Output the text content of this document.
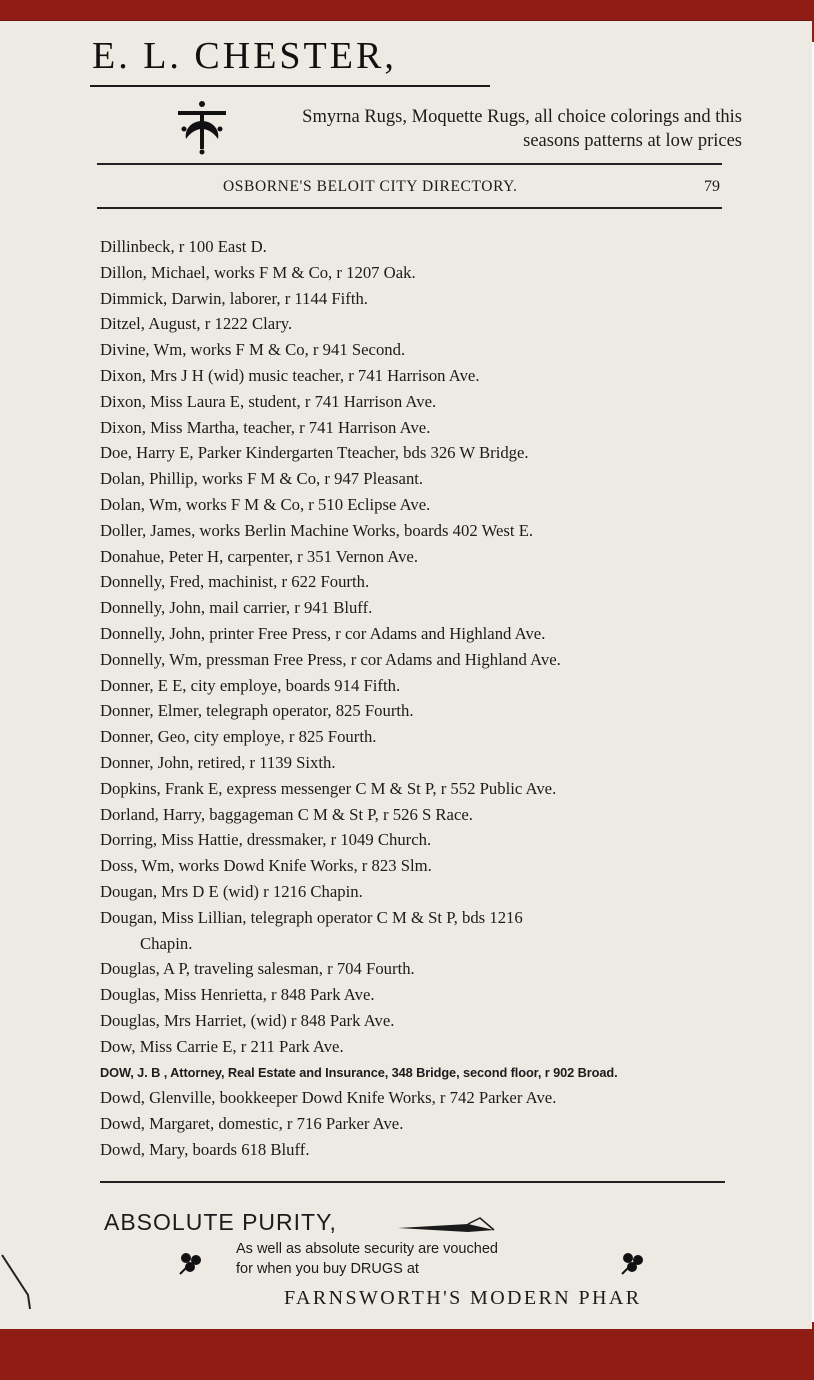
E. L. CHESTER,
Smyrna Rugs, Moquette Rugs, all choice colorings and this seasons patterns at low prices
OSBORNE'S BELOIT CITY DIRECTORY.	79
Dillinbeck, r 100 East D.
Dillon, Michael, works F M & Co, r 1207 Oak.
Dimmick, Darwin, laborer, r 1144 Fifth.
Ditzel, August, r 1222 Clary.
Divine, Wm, works F M & Co, r 941 Second.
Dixon, Mrs J H (wid) music teacher, r 741 Harrison Ave.
Dixon, Miss Laura E, student, r 741 Harrison Ave.
Dixon, Miss Martha, teacher, r 741 Harrison Ave.
Doe, Harry E, Parker Kindergarten Tteacher, bds 326 W Bridge.
Dolan, Phillip, works F M & Co, r 947 Pleasant.
Dolan, Wm, works F M & Co, r 510 Eclipse Ave.
Doller, James, works Berlin Machine Works, boards 402 West E.
Donahue, Peter H, carpenter, r 351 Vernon Ave.
Donnelly, Fred, machinist, r 622 Fourth.
Donnelly, John, mail carrier, r 941 Bluff.
Donnelly, John, printer Free Press, r cor Adams and Highland Ave.
Donnelly, Wm, pressman Free Press, r cor Adams and Highland Ave.
Donner, E E, city employe, boards 914 Fifth.
Donner, Elmer, telegraph operator, 825 Fourth.
Donner, Geo, city employe, r 825 Fourth.
Donner, John, retired, r 1139 Sixth.
Dopkins, Frank E, express messenger C M & St P, r 552 Public Ave.
Dorland, Harry, baggageman C M & St P, r 526 S Race.
Dorring, Miss Hattie, dressmaker, r 1049 Church.
Doss, Wm, works Dowd Knife Works, r 823 Slm.
Dougan, Mrs D E (wid) r 1216 Chapin.
Dougan, Miss Lillian, telegraph operator C M & St P, bds 1216
Chapin.
Douglas, A P, traveling salesman, r 704 Fourth.
Douglas, Miss Henrietta, r 848 Park Ave.
Douglas, Mrs Harriet, (wid) r 848 Park Ave.
Dow, Miss Carrie E, r 211 Park Ave.
DOW, J. B , Attorney, Real Estate and Insurance, 348 Bridge, second floor, r 902 Broad.
Dowd, Glenville, bookkeeper Dowd Knife Works, r 742 Parker Ave.
Dowd, Margaret, domestic, r 716 Parker Ave.
Dowd, Mary, boards 618 Bluff.
ABSOLUTE PURITY,
As well as absolute security are vouched
for when you buy DRUGS at
FARNSWORTH'S MODERN PHAR
